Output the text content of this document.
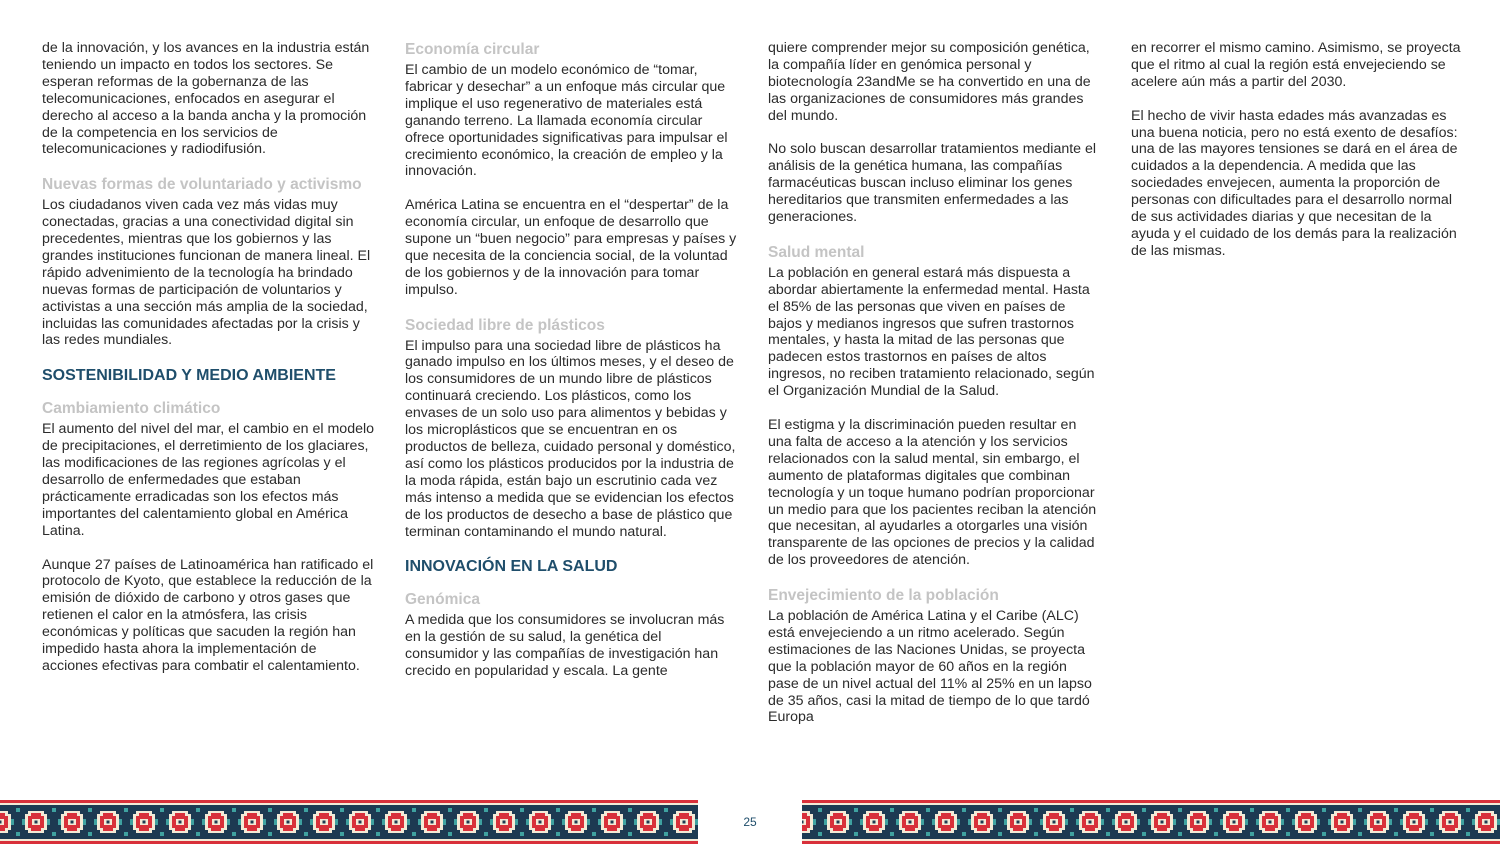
de la innovación, y los avances en la industria están teniendo un impacto en todos los sectores. Se esperan reformas de la gobernanza de las telecomunicaciones, enfocados en asegurar el derecho al acceso a la banda ancha y la promoción de la competencia en los servicios de telecomunicaciones y radiodifusión.

Nuevas formas de voluntariado y activismo

Los ciudadanos viven cada vez más vidas muy conectadas, gracias a una conectividad digital sin precedentes, mientras que los gobiernos y las grandes instituciones funcionan de manera lineal. El rápido advenimiento de la tecnología ha brindado nuevas formas de participación de voluntarios y activistas a una sección más amplia de la sociedad, incluidas las comunidades afectadas por la crisis y las redes mundiales.

SOSTENIBILIDAD Y MEDIO AMBIENTE
Cambiamiento climático

El aumento del nivel del mar, el cambio en el modelo de precipitaciones, el derretimiento de los glaciares, las modificaciones de las regiones agrícolas y el desarrollo de enfermedades que estaban prácticamente erradicadas son los efectos más importantes del calentamiento global en América Latina.

Aunque 27 países de Latinoamérica han ratificado el protocolo de Kyoto, que establece la reducción de la emisión de dióxido de carbono y otros gases que retienen el calor en la atmósfera, las crisis económicas y políticas que sacuden la región han impedido hasta ahora la implementación de acciones efectivas para combatir el calentamiento.

Economía circular

El cambio de un modelo económico de “tomar, fabricar y desechar” a un enfoque más circular que implique el uso regenerativo de materiales está ganando terreno. La llamada economía circular ofrece oportunidades significativas para impulsar el crecimiento económico, la creación de empleo y la innovación.

América Latina se encuentra en el “despertar” de la economía circular, un enfoque de desarrollo que supone un “buen negocio” para empresas y países y que necesita de la conciencia social, de la voluntad de los gobiernos y de la innovación para tomar impulso.

Sociedad libre de plásticos

El impulso para una sociedad libre de plásticos ha ganado impulso en los últimos meses, y el deseo de los consumidores de un mundo libre de plásticos continuará creciendo. Los plásticos, como los envases de un solo uso para alimentos y bebidas y los microplásticos que se encuentran en os productos de belleza, cuidado personal y doméstico, así como los plásticos producidos por la industria de la moda rápida, están bajo un escrutinio cada vez más intenso a medida que se evidencian los efectos de los productos de desecho a base de plástico que terminan contaminando el mundo natural.

INNOVACIÓN EN LA SALUD
Genómica

A medida que los consumidores se involucran más en la gestión de su salud, la genética del consumidor y las compañías de investigación han crecido en popularidad y escala. La gente

quiere comprender mejor su composición genética, la compañía líder en genómica personal y biotecnología 23andMe se ha convertido en una de las organizaciones de consumidores más grandes del mundo.

No solo buscan desarrollar tratamientos mediante el análisis de la genética humana, las compañías farmacéuticas buscan incluso eliminar los genes hereditarios que transmiten enfermedades a las generaciones.

Salud mental

La población en general estará más dispuesta a abordar abiertamente la enfermedad mental. Hasta el 85% de las personas que viven en países de bajos y medianos ingresos que sufren trastornos mentales, y hasta la mitad de las personas que padecen estos trastornos en países de altos ingresos, no reciben tratamiento relacionado, según el Organización Mundial de la Salud.

El estigma y la discriminación pueden resultar en una falta de acceso a la atención y los servicios relacionados con la salud mental, sin embargo, el aumento de plataformas digitales que combinan tecnología y un toque humano podrían proporcionar un medio para que los pacientes reciban la atención que necesitan, al ayudarles a otorgarles una visión transparente de las opciones de precios y la calidad de los proveedores de atención.

Envejecimiento de la población

La población de América Latina y el Caribe (ALC) está envejeciendo a un ritmo acelerado. Según estimaciones de las Naciones Unidas, se proyecta que la población mayor de 60 años en la región pase de un nivel actual del 11% al 25% en un lapso de 35 años, casi la mitad de tiempo de lo que tardó Europa

en recorrer el mismo camino. Asimismo, se proyecta que el ritmo al cual la región está envejeciendo se acelere aún más a partir del 2030.

El hecho de vivir hasta edades más avanzadas es una buena noticia, pero no está exento de desafíos: una de las mayores tensiones se dará en el área de cuidados a la dependencia. A medida que las sociedades envejecen, aumenta la proporción de personas con dificultades para el desarrollo normal de sus actividades diarias y que necesitan de la ayuda y el cuidado de los demás para la realización de las mismas.

25
